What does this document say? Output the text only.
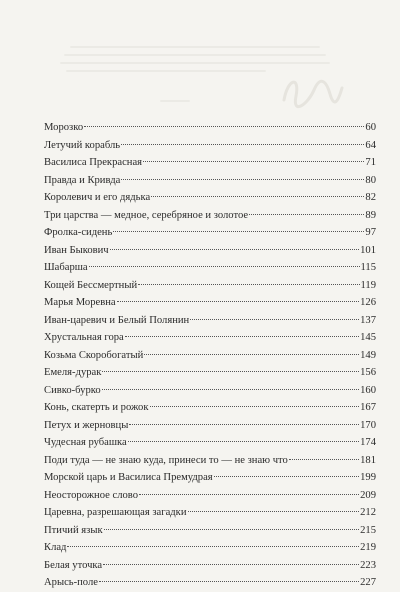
Морозко	60
Летучий корабль	64
Василиса Прекрасная	71
Правда и Кривда	80
Королевич и его дядька	82
Три царства — медное, серебряное и золотое	89
Фролка-сидень	97
Иван Быкович	101
Шабарша	115
Кощей Бессмертный	119
Марья Моревна	126
Иван-царевич и Белый Полянин	137
Хрустальная гора	145
Козьма Скоробогатый	149
Емеля-дурак	156
Сивко-бурко	160
Конь, скатерть и рожок	167
Петух и жерновцы	170
Чудесная рубашка	174
Поди туда — не знаю куда, принеси то — не знаю что	181
Морской царь и Василиса Премудрая	199
Неосторожное слово	209
Царевна, разрешающая загадки	212
Птичий язык	215
Клад	219
Белая уточка	223
Арысь-поле	227
